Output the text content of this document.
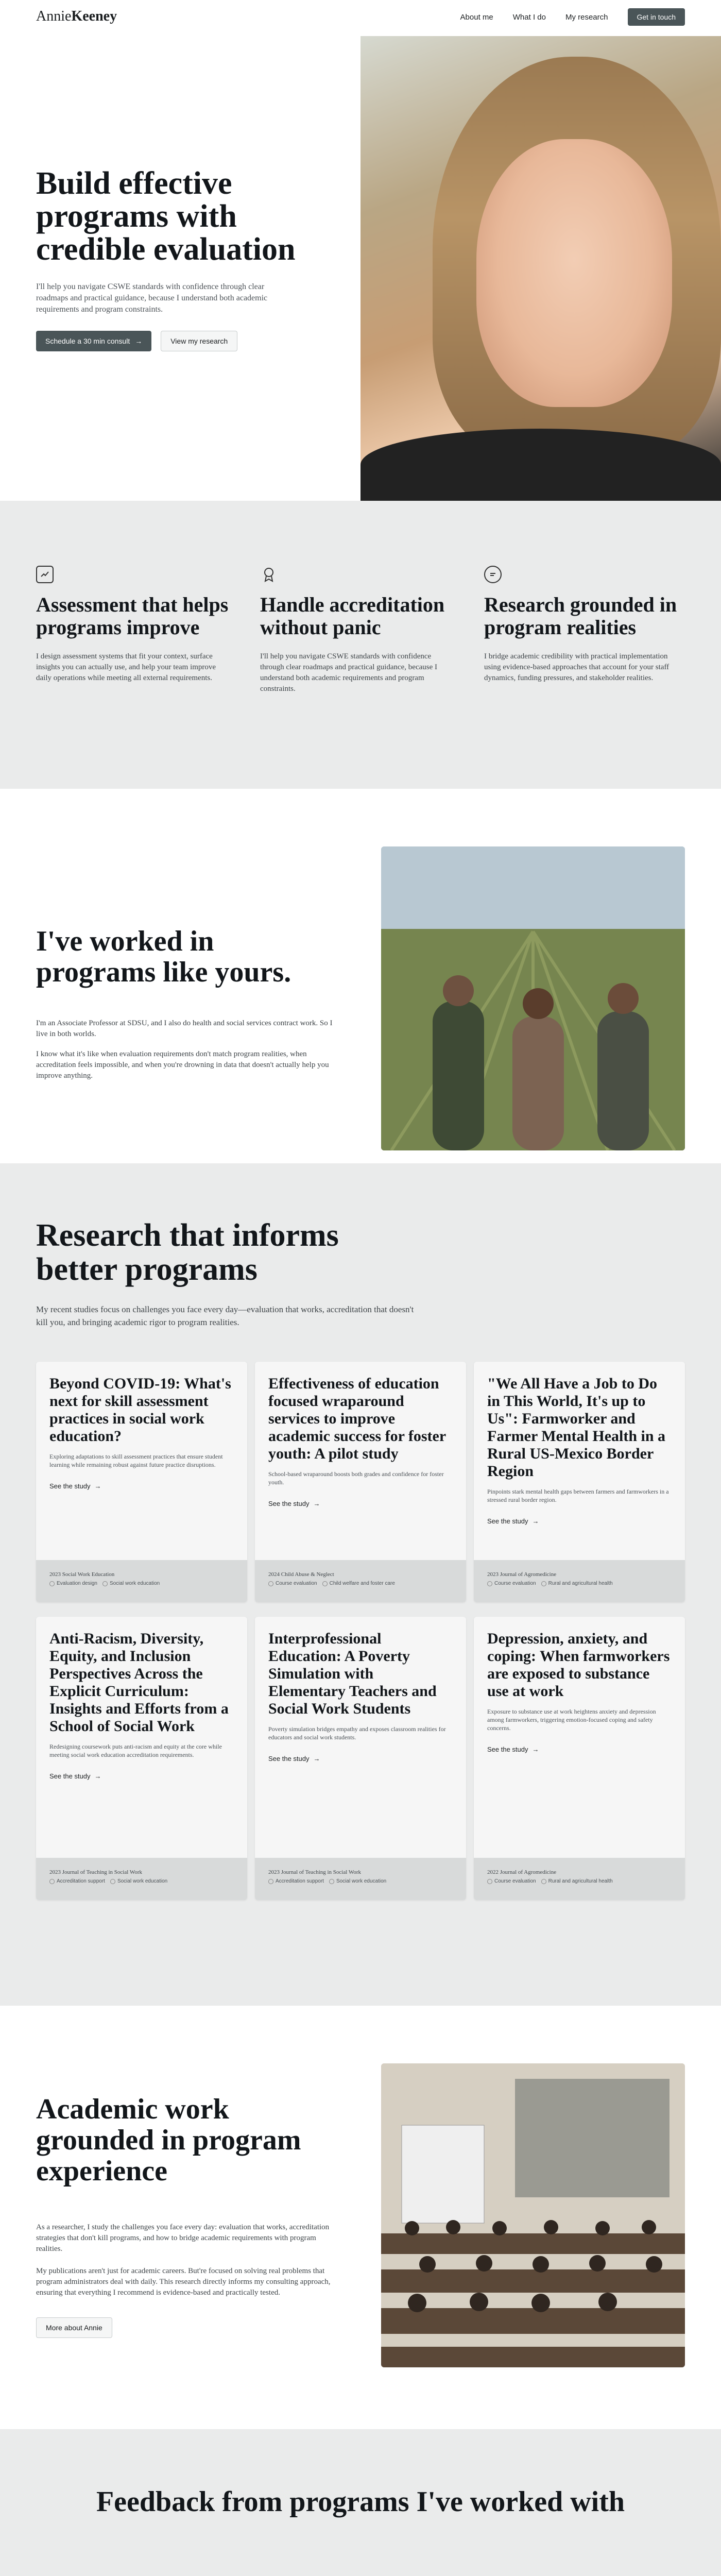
AnnieKeeney	About me	What I do	My research	Get in touch
Build effective programs with credible evaluation

I'll help you navigate CSWE standards with confidence through clear roadmaps and practical guidance, because I understand both academic requirements and program constraints.

Schedule a 30 min consult →	View my research
Assessment that helps programs improve

I design assessment systems that fit your context, surface insights you can actually use, and help your team improve daily operations while meeting all external requirements.

Handle accreditation without panic

I'll help you navigate CSWE standards with confidence through clear roadmaps and practical guidance, because I understand both academic requirements and program constraints.

Research grounded in program realities

I bridge academic credibility with practical implementation using evidence-based approaches that account for your staff dynamics, funding pressures, and stakeholder realities.

I've worked in programs like yours.

I'm an Associate Professor at SDSU, and I also do health and social services contract work. So I live in both worlds.

I know what it's like when evaluation requirements don't match program realities, when accreditation feels impossible, and when you're drowning in data that doesn't actually help you improve anything.

Research that informs better programs

My recent studies focus on challenges you face every day—evaluation that works, accreditation that doesn't kill you, and bringing academic rigor to program realities.

Beyond COVID-19: What's next for skill assessment practices in social work education?

Exploring adaptations to skill assessment practices that ensure student learning while remaining robust against future practice disruptions.

See the study →
2023 Social Work Education
Evaluation design Social work education
Effectiveness of education focused wraparound services to improve academic success for foster youth: A pilot study

School-based wraparound boosts both grades and confidence for foster youth.

See the study →
2024 Child Abuse & Neglect
Course evaluation Child welfare and foster care
"We All Have a Job to Do in This World, It's up to Us": Farmworker and Farmer Mental Health in a Rural US-Mexico Border Region

Pinpoints stark mental health gaps between farmers and farmworkers in a stressed rural border region.

See the study →
2023 Journal of Agromedicine
Course evaluation Rural and agricultural health
Anti-Racism, Diversity, Equity, and Inclusion Perspectives Across the Explicit Curriculum: Insights and Efforts from a School of Social Work

Redesigning coursework puts anti-racism and equity at the core while meeting social work education accreditation requirements.

See the study →
2023 Journal of Teaching in Social Work
Accreditation support Social work education
Interprofessional Education: A Poverty Simulation with Elementary Teachers and Social Work Students

Poverty simulation bridges empathy and exposes classroom realities for educators and social work students.

See the study →
2023 Journal of Teaching in Social Work
Accreditation support Social work education
Depression, anxiety, and coping: When farmworkers are exposed to substance use at work

Exposure to substance use at work heightens anxiety and depression among farmworkers, triggering emotion-focused coping and safety concerns.

See the study →
2022 Journal of Agromedicine
Course evaluation Rural and agricultural health
Academic work grounded in program experience

As a researcher, I study the challenges you face every day: evaluation that works, accreditation strategies that don't kill programs, and how to bridge academic requirements with program realities.

My publications aren't just for academic careers. But're focused on solving real problems that program administrators deal with daily. This research directly informs my consulting approach, ensuring that everything I recommend is evidence-based and practically tested.

More about Annie
Feedback from programs I've worked with
